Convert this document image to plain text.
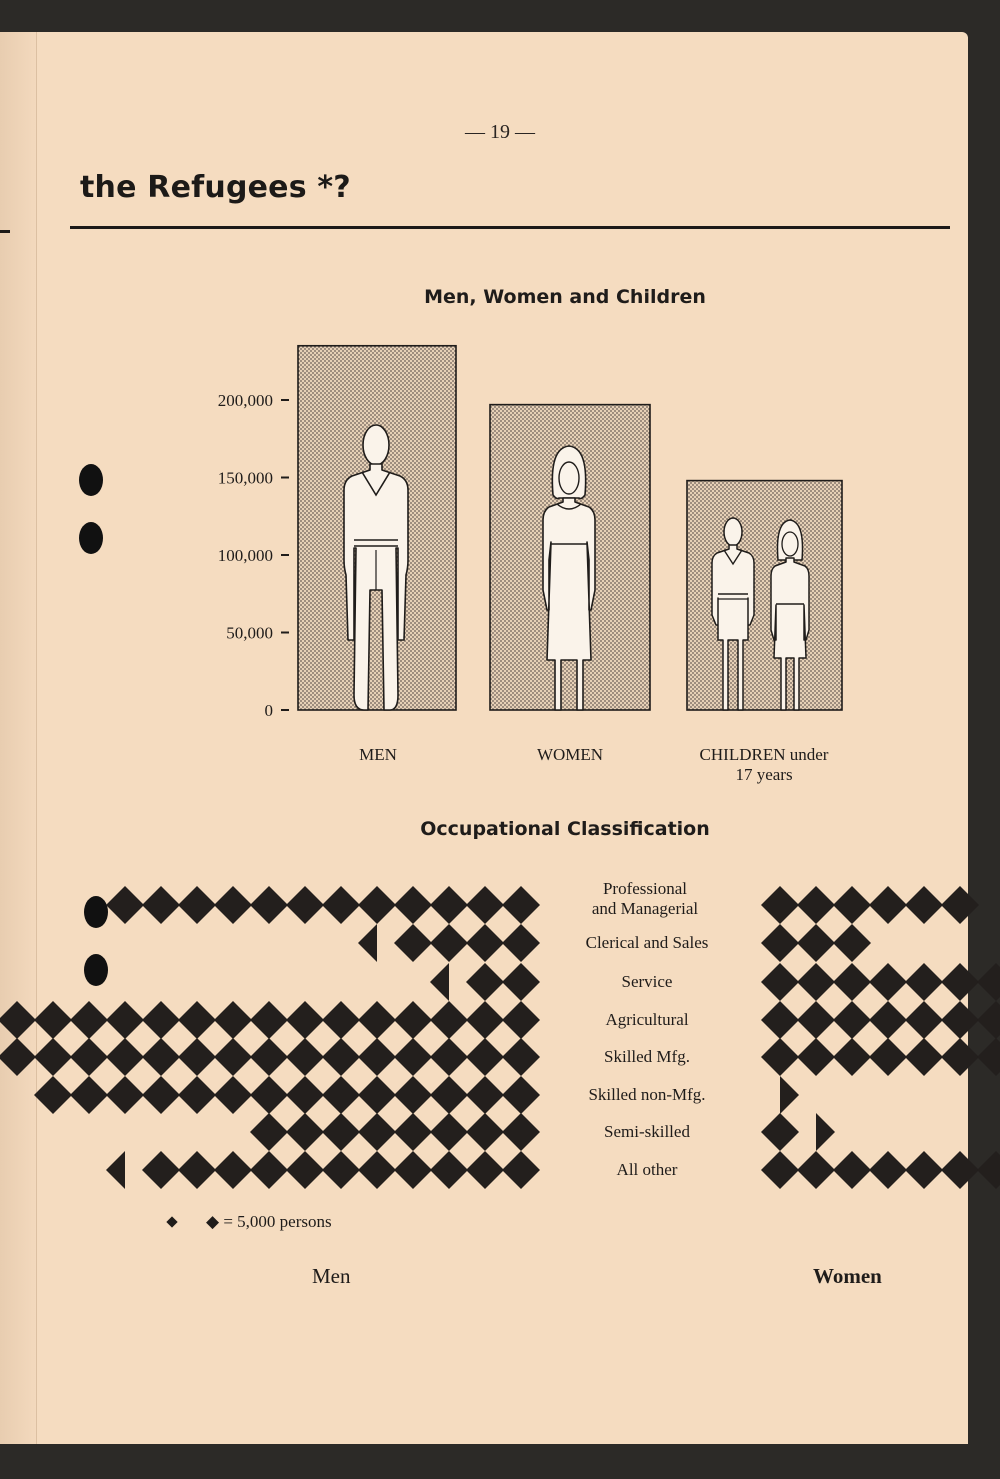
— 19 —
the Refugees *?
Men, Women and Children
0
50,000
100,000
150,000
200,000
MEN	WOMEN	CHILDREN under
17 years
Occupational Classification
Professional
and Managerial
Clerical and Sales
Service
Agricultural
Skilled Mfg.
Skilled non-Mfg.
Semi-skilled
All other
◆ = 5,000 persons
Men	Women
